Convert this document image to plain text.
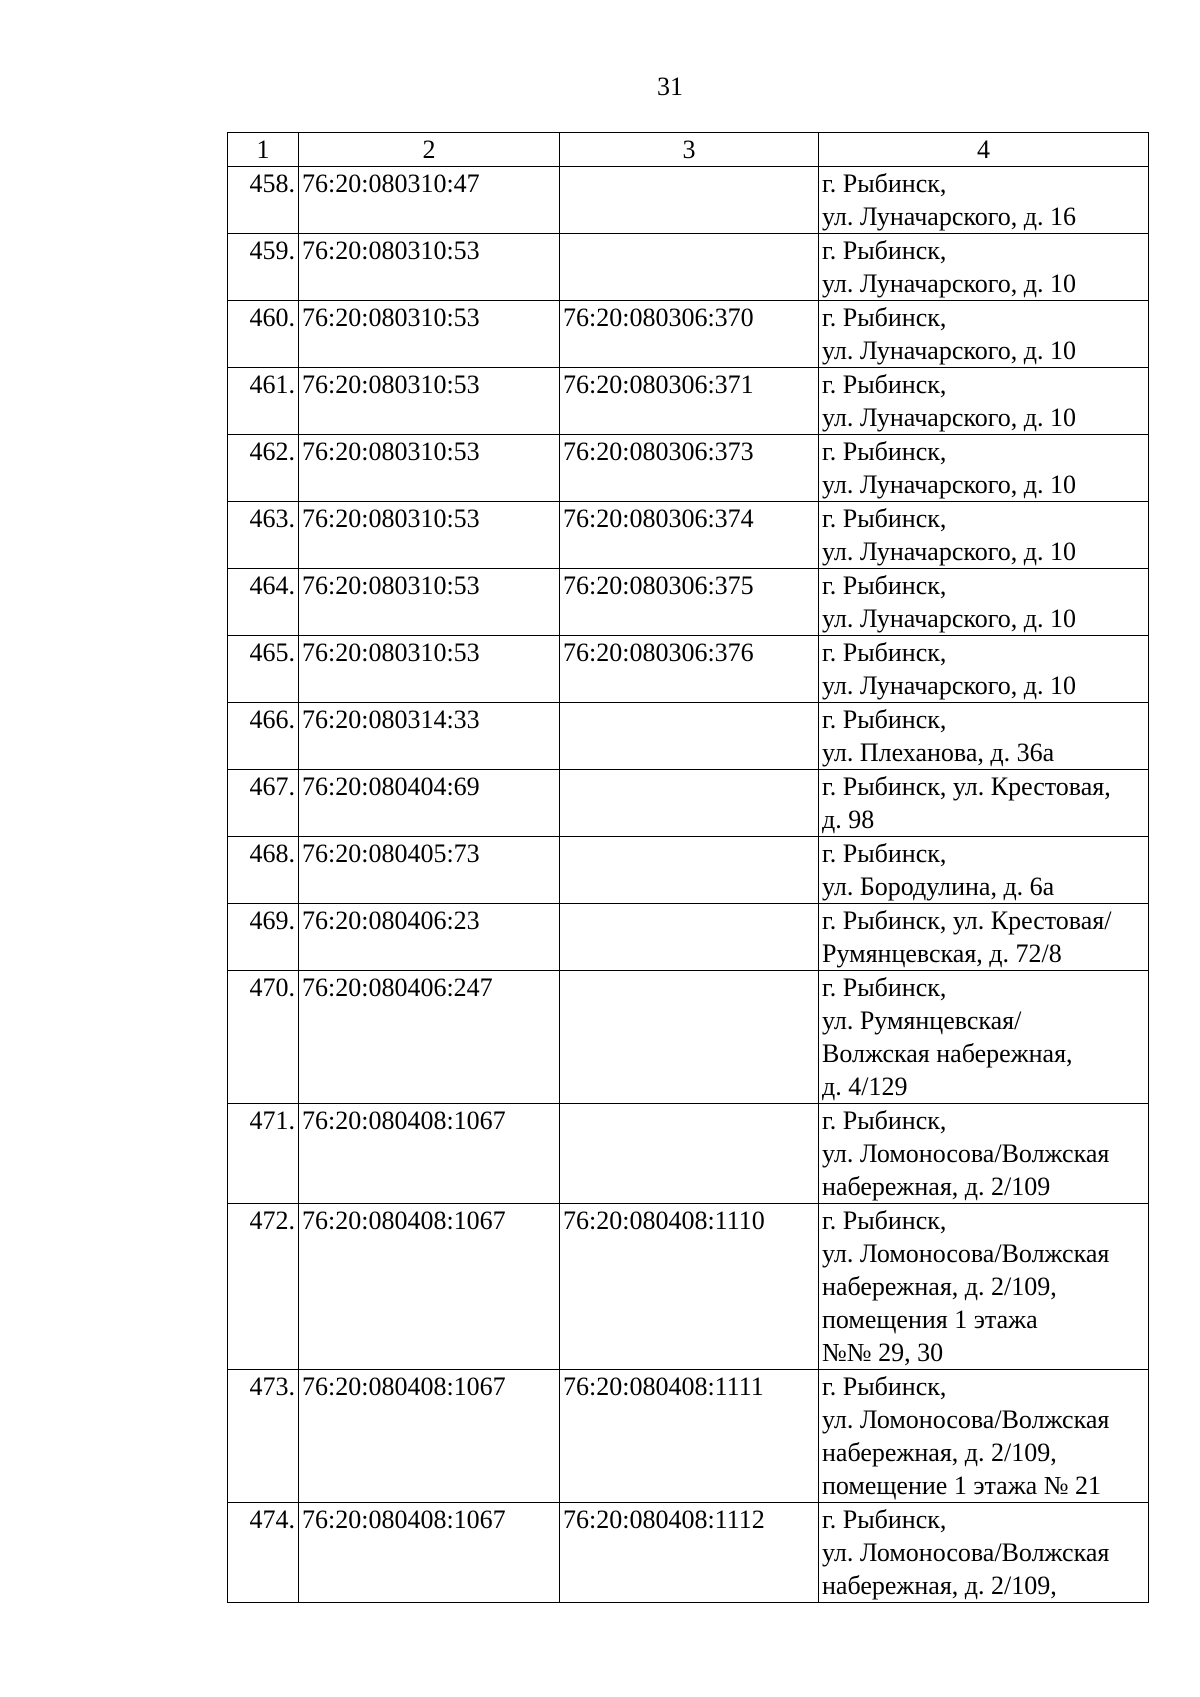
31
1	2	3	4
458.	76:20:080310:47		г. Рыбинск,
ул. Луначарского, д. 16
459.	76:20:080310:53		г. Рыбинск,
ул. Луначарского, д. 10
460.	76:20:080310:53	76:20:080306:370	г. Рыбинск,
ул. Луначарского, д. 10
461.	76:20:080310:53	76:20:080306:371	г. Рыбинск,
ул. Луначарского, д. 10
462.	76:20:080310:53	76:20:080306:373	г. Рыбинск,
ул. Луначарского, д. 10
463.	76:20:080310:53	76:20:080306:374	г. Рыбинск,
ул. Луначарского, д. 10
464.	76:20:080310:53	76:20:080306:375	г. Рыбинск,
ул. Луначарского, д. 10
465.	76:20:080310:53	76:20:080306:376	г. Рыбинск,
ул. Луначарского, д. 10
466.	76:20:080314:33		г. Рыбинск,
ул. Плеханова, д. 36а
467.	76:20:080404:69		г. Рыбинск, ул. Крестовая,
д. 98
468.	76:20:080405:73		г. Рыбинск,
ул. Бородулина, д. 6а
469.	76:20:080406:23		г. Рыбинск, ул. Крестовая/
Румянцевская, д. 72/8
470.	76:20:080406:247		г. Рыбинск,
ул. Румянцевская/
Волжская набережная,
д. 4/129
471.	76:20:080408:1067		г. Рыбинск,
ул. Ломоносова/Волжская
набережная, д. 2/109
472.	76:20:080408:1067	76:20:080408:1110	г. Рыбинск,
ул. Ломоносова/Волжская
набережная, д. 2/109,
помещения 1 этажа
№№ 29, 30
473.	76:20:080408:1067	76:20:080408:1111	г. Рыбинск,
ул. Ломоносова/Волжская
набережная, д. 2/109,
помещение 1 этажа № 21
474.	76:20:080408:1067	76:20:080408:1112	г. Рыбинск,
ул. Ломоносова/Волжская
набережная, д. 2/109,
